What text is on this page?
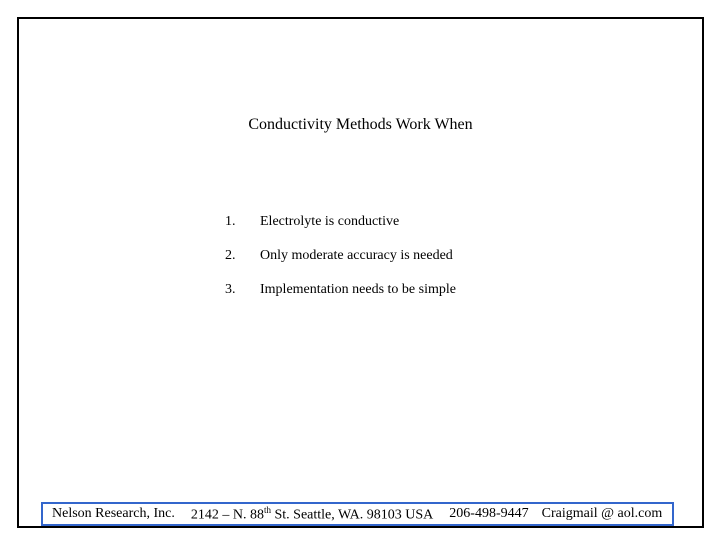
Conductivity Methods Work When
1.	Electrolyte is conductive
2.	Only moderate accuracy is needed
3.	Implementation needs to be simple
Nelson Research, Inc. 2142 – N. 88th St. Seattle, WA. 98103 USA 206-498-9447 Craigmail @ aol.com
